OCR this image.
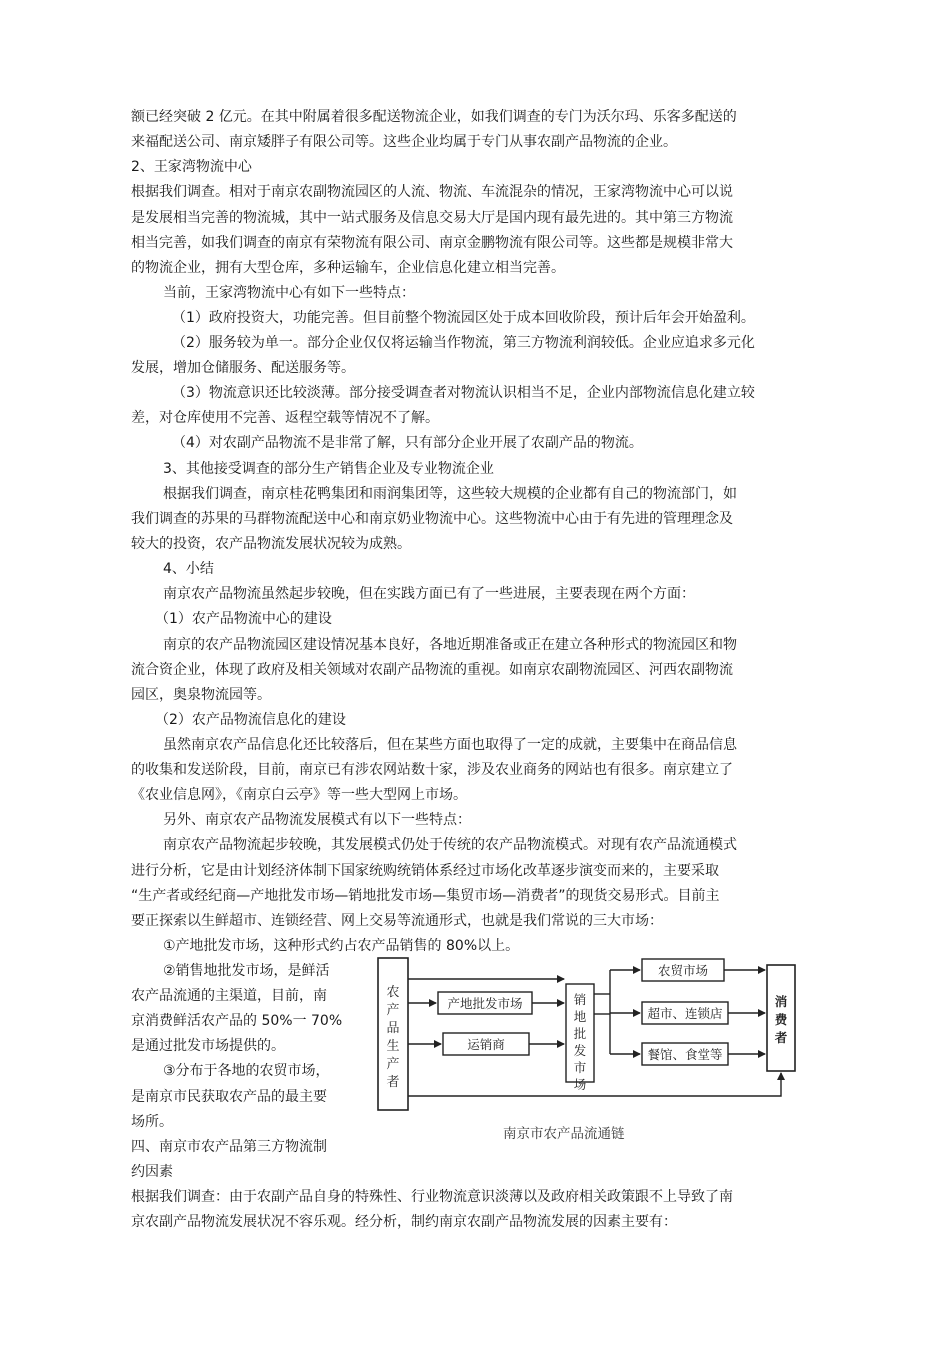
额已经突破 2 亿元。在其中附属着很多配送物流企业，如我们调查的专门为沃尔玛、乐客多配送的
来福配送公司、南京矮胖子有限公司等。这些企业均属于专门从事农副产品物流的企业。
2、王家湾物流中心
根据我们调查。相对于南京农副物流园区的人流、物流、车流混杂的情况，王家湾物流中心可以说
是发展相当完善的物流城，其中一站式服务及信息交易大厅是国内现有最先进的。其中第三方物流
相当完善，如我们调查的南京有荣物流有限公司、南京金鹏物流有限公司等。这些都是规模非常大
的物流企业，拥有大型仓库，多种运输车，企业信息化建立相当完善。
当前，王家湾物流中心有如下一些特点：
（1）政府投资大，功能完善。但目前整个物流园区处于成本回收阶段，预计后年会开始盈利。
（2）服务较为单一。部分企业仅仅将运输当作物流，第三方物流利润较低。企业应追求多元化
发展，增加仓储服务、配送服务等。
（3）物流意识还比较淡薄。部分接受调查者对物流认识相当不足，企业内部物流信息化建立较
差，对仓库使用不完善、返程空载等情况不了解。
（4）对农副产品物流不是非常了解，只有部分企业开展了农副产品的物流。
3、其他接受调查的部分生产销售企业及专业物流企业
根据我们调查，南京桂花鸭集团和雨润集团等，这些较大规模的企业都有自己的物流部门，如
我们调查的苏果的马群物流配送中心和南京奶业物流中心。这些物流中心由于有先进的管理理念及
较大的投资，农产品物流发展状况较为成熟。
4、小结
南京农产品物流虽然起步较晚，但在实践方面已有了一些进展，主要表现在两个方面：
（1）农产品物流中心的建设
南京的农产品物流园区建设情况基本良好，各地近期准备或正在建立各种形式的物流园区和物
流合资企业，体现了政府及相关领域对农副产品物流的重视。如南京农副物流园区、河西农副物流
园区，奥泉物流园等。
（2）农产品物流信息化的建设
虽然南京农产品信息化还比较落后，但在某些方面也取得了一定的成就，主要集中在商品信息
的收集和发送阶段，目前，南京已有涉农网站数十家，涉及农业商务的网站也有很多。南京建立了
《农业信息网》，《南京白云亭》等一些大型网上市场。
另外、南京农产品物流发展模式有以下一些特点：
南京农产品物流起步较晚，其发展模式仍处于传统的农产品物流模式。对现有农产品流通模式
进行分析，它是由计划经济体制下国家统购统销体系经过市场化改革逐步演变而来的，主要采取
“生产者或经纪商—产地批发市场—销地批发市场—集贸市场—消费者”的现货交易形式。目前主
要正探索以生鲜超市、连锁经营、网上交易等流通形式，也就是我们常说的三大市场：
①产地批发市场，这种形式约占农产品销售的 80%以上。
②销售地批发市场，是鲜活
农产品流通的主渠道，目前，南
京消费鲜活农产品的 50%一 70%
是通过批发市场提供的。
③分布于各地的农贸市场，
是南京市民获取农产品的最主要
场所。
四、南京市农产品第三方物流制
约因素
根据我们调查：由于农副产品自身的特殊性、行业物流意识淡薄以及政府相关政策跟不上导致了南
京农副产品物流发展状况不容乐观。经分析，制约南京农副产品物流发展的因素主要有：
农产品生产者
产地批发市场
运销商
销地批发市场
农贸市场
超市、连锁店
餐馆、食堂等
消费者
南京市农产品流通链
